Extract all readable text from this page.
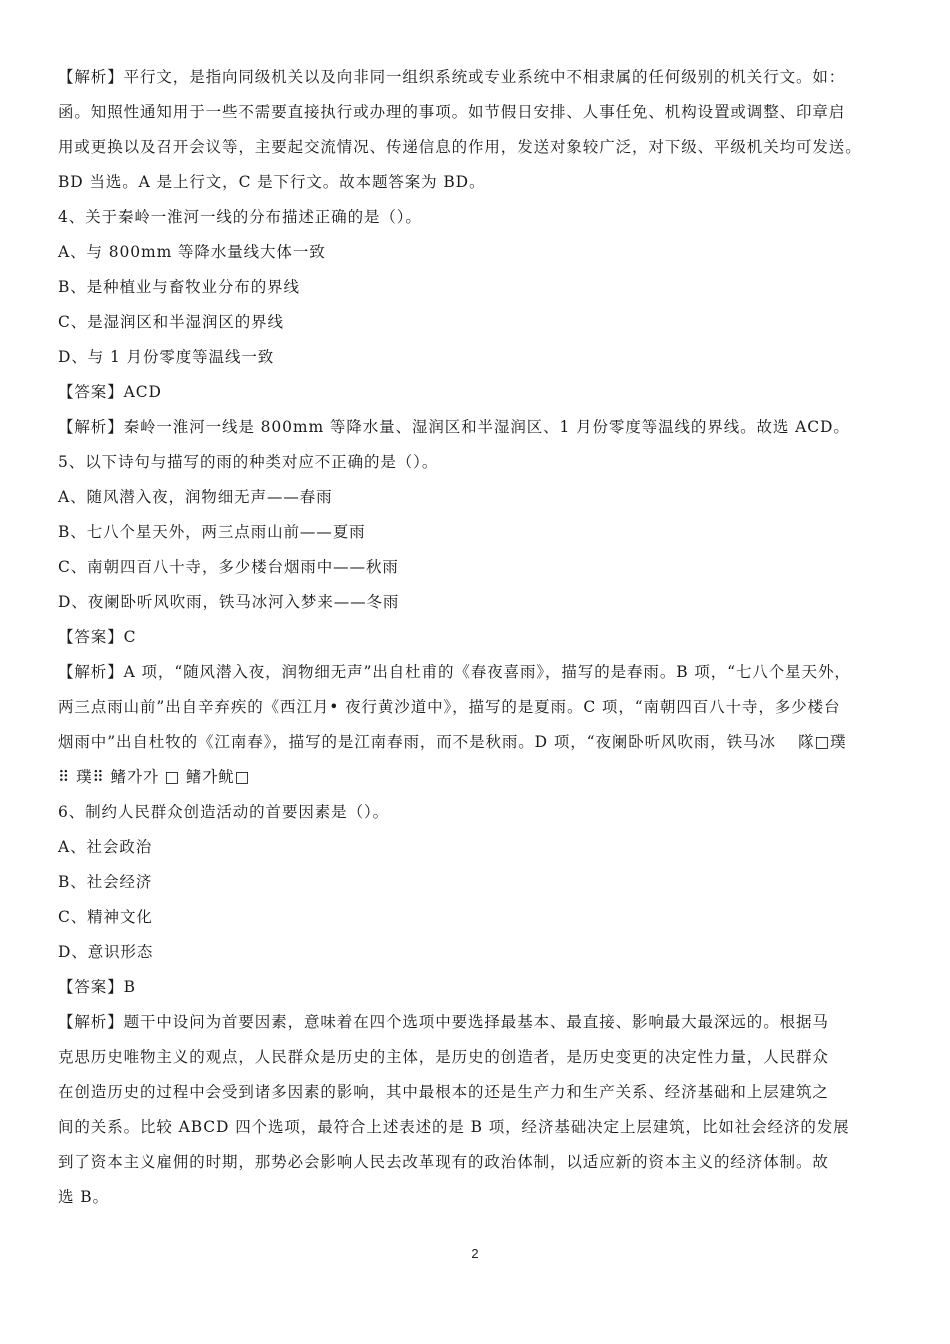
【解析】平行文，是指向同级机关以及向非同一组织系统或专业系统中不相隶属的任何级别的机关行文。如：
函。知照性通知用于一些不需要直接执行或办理的事项。如节假日安排、人事任免、机构设置或调整、印章启
用或更换以及召开会议等，主要起交流情况、传递信息的作用，发送对象较广泛，对下级、平级机关均可发送。
BD 当选。A 是上行文，C 是下行文。故本题答案为 BD。
4、关于秦岭一淮河一线的分布描述正确的是（）。
A、与 800mm 等降水量线大体一致
B、是种植业与畜牧业分布的界线
C、是湿润区和半湿润区的界线
D、与 1 月份零度等温线一致
【答案】ACD
【解析】秦岭一淮河一线是 800mm 等降水量、湿润区和半湿润区、1 月份零度等温线的界线。故选 ACD。
5、以下诗句与描写的雨的种类对应不正确的是（）。
A、随风潜入夜，润物细无声——春雨
B、七八个星天外，两三点雨山前——夏雨
C、南朝四百八十寺，多少楼台烟雨中——秋雨
D、夜阑卧听风吹雨，铁马冰河入梦来——冬雨
【答案】C
【解析】A 项，“随风潜入夜，润物细无声”出自杜甫的《春夜喜雨》，描写的是春雨。B 项，“七八个星天外，
两三点雨山前”出自辛弃疾的《西江月• 夜行黄沙道中》，描写的是夏雨。C 项，“南朝四百八十寺，多少楼台
烟雨中”出自杜牧的《江南春》，描写的是江南春雨，而不是秋雨。D 项，“夜阑卧听风吹雨，铁马冰　 隊□璞
⠿ 璞⠿ 鳍가가 □ 鳍가鱿□
6、制约人民群众创造活动的首要因素是（）。
A、社会政治
B、社会经济
C、精神文化
D、意识形态
【答案】B
【解析】题干中设问为首要因素，意味着在四个选项中要选择最基本、最直接、影响最大最深远的。根据马
克思历史唯物主义的观点，人民群众是历史的主体，是历史的创造者，是历史变更的决定性力量，人民群众
在创造历史的过程中会受到诸多因素的影响，其中最根本的还是生产力和生产关系、经济基础和上层建筑之
间的关系。比较 ABCD 四个选项，最符合上述表述的是 B 项，经济基础决定上层建筑，比如社会经济的发展
到了资本主义雇佣的时期，那势必会影响人民去改革现有的政治体制，以适应新的资本主义的经济体制。故
选 B。
2
